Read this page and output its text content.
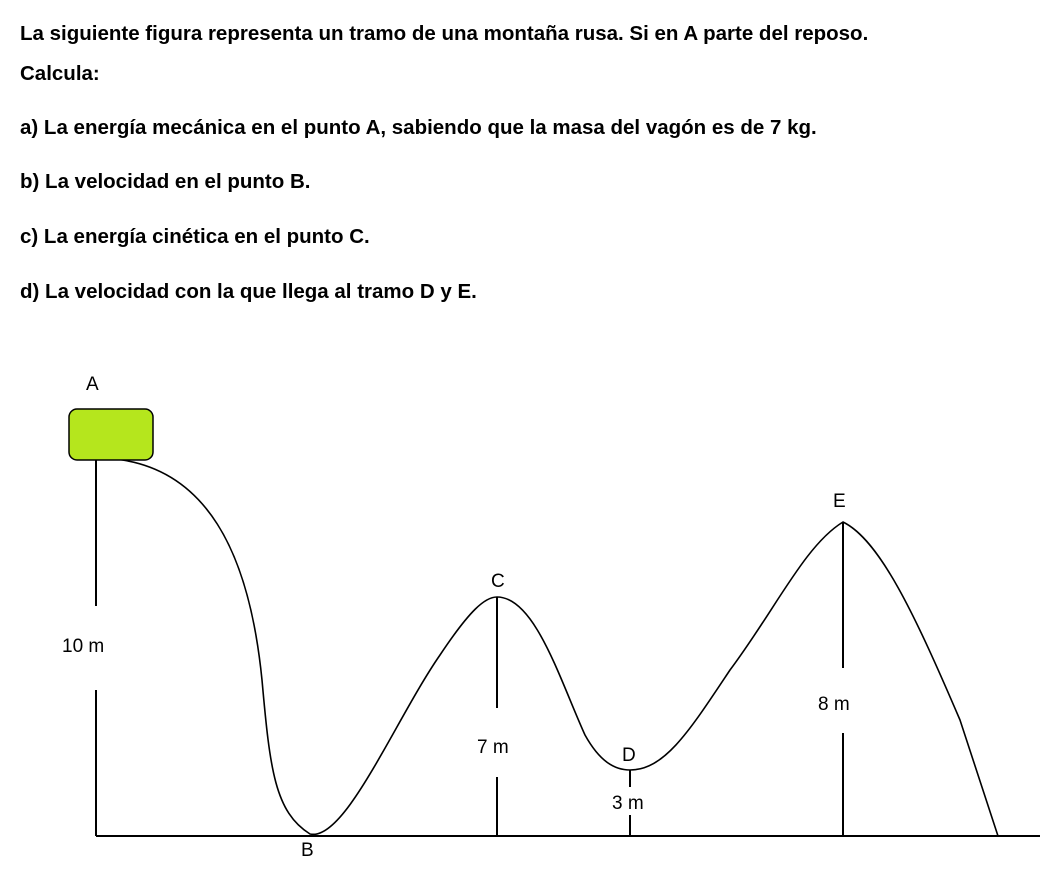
La siguiente figura representa un tramo de una montaña rusa. Si en A parte del reposo.
Calcula:
a) La energía mecánica en el punto A, sabiendo que la masa del vagón es de 7 kg.
b) La velocidad en el punto B.
c) La energía cinética en el punto C.
d) La velocidad con la que llega al tramo D y E.
10 m
7 m
3 m
8 m
A
B
C
D
E
